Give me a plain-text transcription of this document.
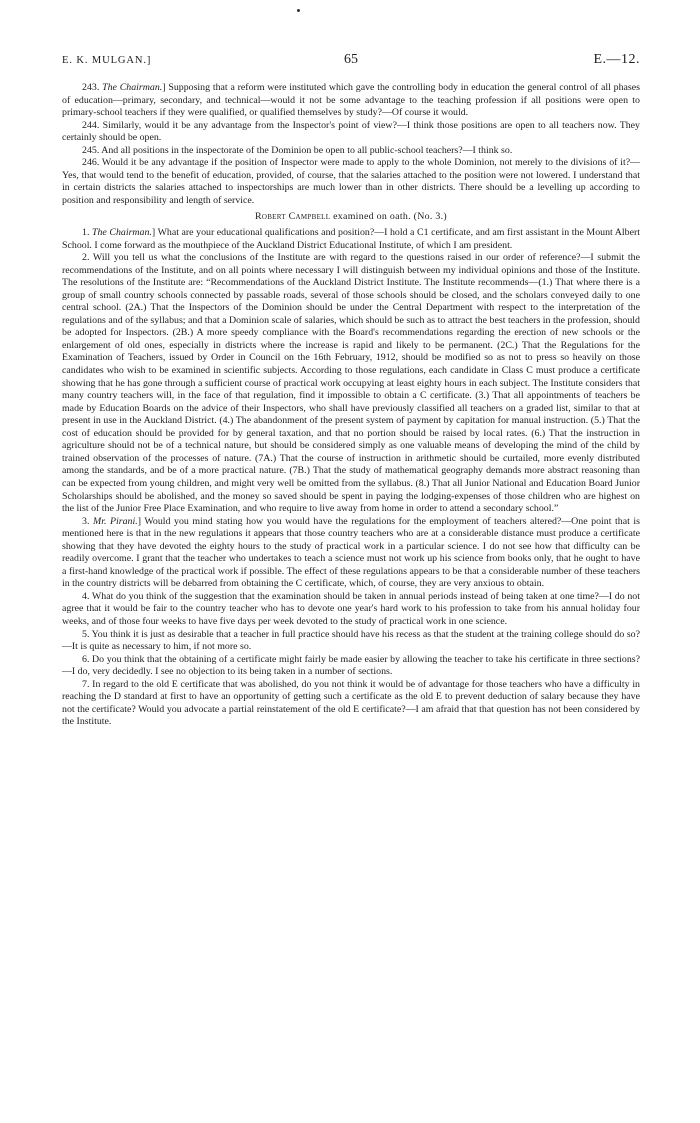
E. K. MULGAN.]	65	E.—12.

243. The Chairman.] Supposing that a reform were instituted which gave the controlling body in education the general control of all phases of education—primary, secondary, and technical—would it not be some advantage to the teaching profession if all positions were open to primary-school teachers if they were qualified, or qualified themselves by study?—Of course it would.

244. Similarly, would it be any advantage from the Inspector's point of view?—I think those positions are open to all teachers now. They certainly should be open.

245. And all positions in the inspectorate of the Dominion be open to all public-school teachers?—I think so.

246. Would it be any advantage if the position of Inspector were made to apply to the whole Dominion, not merely to the divisions of it?—Yes, that would tend to the benefit of education, provided, of course, that the salaries attached to the position were not lowered. I understand that in certain districts the salaries attached to inspectorships are much lower than in other districts. There should be a levelling up according to position and responsibility and length of service.

Robert Campbell examined on oath. (No. 3.)

1. The Chairman.] What are your educational qualifications and position?—I hold a C1 certificate, and am first assistant in the Mount Albert School. I come forward as the mouthpiece of the Auckland District Educational Institute, of which I am president.

2. Will you tell us what the conclusions of the Institute are with regard to the questions raised in our order of reference?—I submit the recommendations of the Institute, and on all points where necessary I will distinguish between my individual opinions and those of the Institute. The resolutions of the Institute are: “Recommendations of the Auckland District Institute. The Institute recommends—(1.) That where there is a group of small country schools connected by passable roads, several of those schools should be closed, and the scholars conveyed daily to one central school. (2A.) That the Inspectors of the Dominion should be under the Central Department with respect to the interpretation of the regulations and of the syllabus; and that a Dominion scale of salaries, which should be such as to attract the best teachers in the profession, should be adopted for Inspectors. (2B.) A more speedy compliance with the Board's recommendations regarding the erection of new schools or the enlargement of old ones, especially in districts where the increase is rapid and likely to be permanent. (2C.) That the Regulations for the Examination of Teachers, issued by Order in Council on the 16th February, 1912, should be modified so as not to press so heavily on those candidates who wish to be examined in scientific subjects. According to those regulations, each candidate in Class C must produce a certificate showing that he has gone through a sufficient course of practical work occupying at least eighty hours in each subject. The Institute considers that many country teachers will, in the face of that regulation, find it impossible to obtain a C certificate. (3.) That all appointments of teachers be made by Education Boards on the advice of their Inspectors, who shall have previously classified all teachers on a graded list, similar to that at present in use in the Auckland District. (4.) The abandonment of the present system of payment by capitation for manual instruction. (5.) That the cost of education should be provided for by general taxation, and that no portion should be raised by local rates. (6.) That the instruction in agriculture should not be of a technical nature, but should be considered simply as one valuable means of developing the mind of the child by trained observation of the processes of nature. (7A.) That the course of instruction in arithmetic should be curtailed, more evenly distributed among the standards, and be of a more practical nature. (7B.) That the study of mathematical geography demands more abstract reasoning than can be expected from young children, and might very well be omitted from the syllabus. (8.) That all Junior National and Education Board Junior Scholarships should be abolished, and the money so saved should be spent in paying the lodging-expenses of those children who are highest on the list of the Junior Free Place Examination, and who require to live away from home in order to attend a secondary school.”

3. Mr. Pirani.] Would you mind stating how you would have the regulations for the employment of teachers altered?—One point that is mentioned here is that in the new regulations it appears that those country teachers who are at a considerable distance must produce a certificate showing that they have devoted the eighty hours to the study of practical work in a particular science. I do not see how that difficulty can be readily overcome. I grant that the teacher who undertakes to teach a science must not work up his science from books only, that he ought to have a first-hand knowledge of the practical work if possible. The effect of these regulations appears to be that a considerable number of these teachers in the country districts will be debarred from obtaining the C certificate, which, of course, they are very anxious to obtain.

4. What do you think of the suggestion that the examination should be taken in annual periods instead of being taken at one time?—I do not agree that it would be fair to the country teacher who has to devote one year's hard work to his profession to take from his annual holiday four weeks, and of those four weeks to have five days per week devoted to the study of practical work in one science.

5. You think it is just as desirable that a teacher in full practice should have his recess as that the student at the training college should do so?—It is quite as necessary to him, if not more so.

6. Do you think that the obtaining of a certificate might fairly be made easier by allowing the teacher to take his certificate in three sections?—I do, very decidedly. I see no objection to its being taken in a number of sections.

7. In regard to the old E certificate that was abolished, do you not think it would be of advantage for those teachers who have a difficulty in reaching the D standard at first to have an opportunity of getting such a certificate as the old E to prevent deduction of salary because they have not the certificate? Would you advocate a partial reinstatement of the old E certificate?—I am afraid that that question has not been considered by the Institute.
